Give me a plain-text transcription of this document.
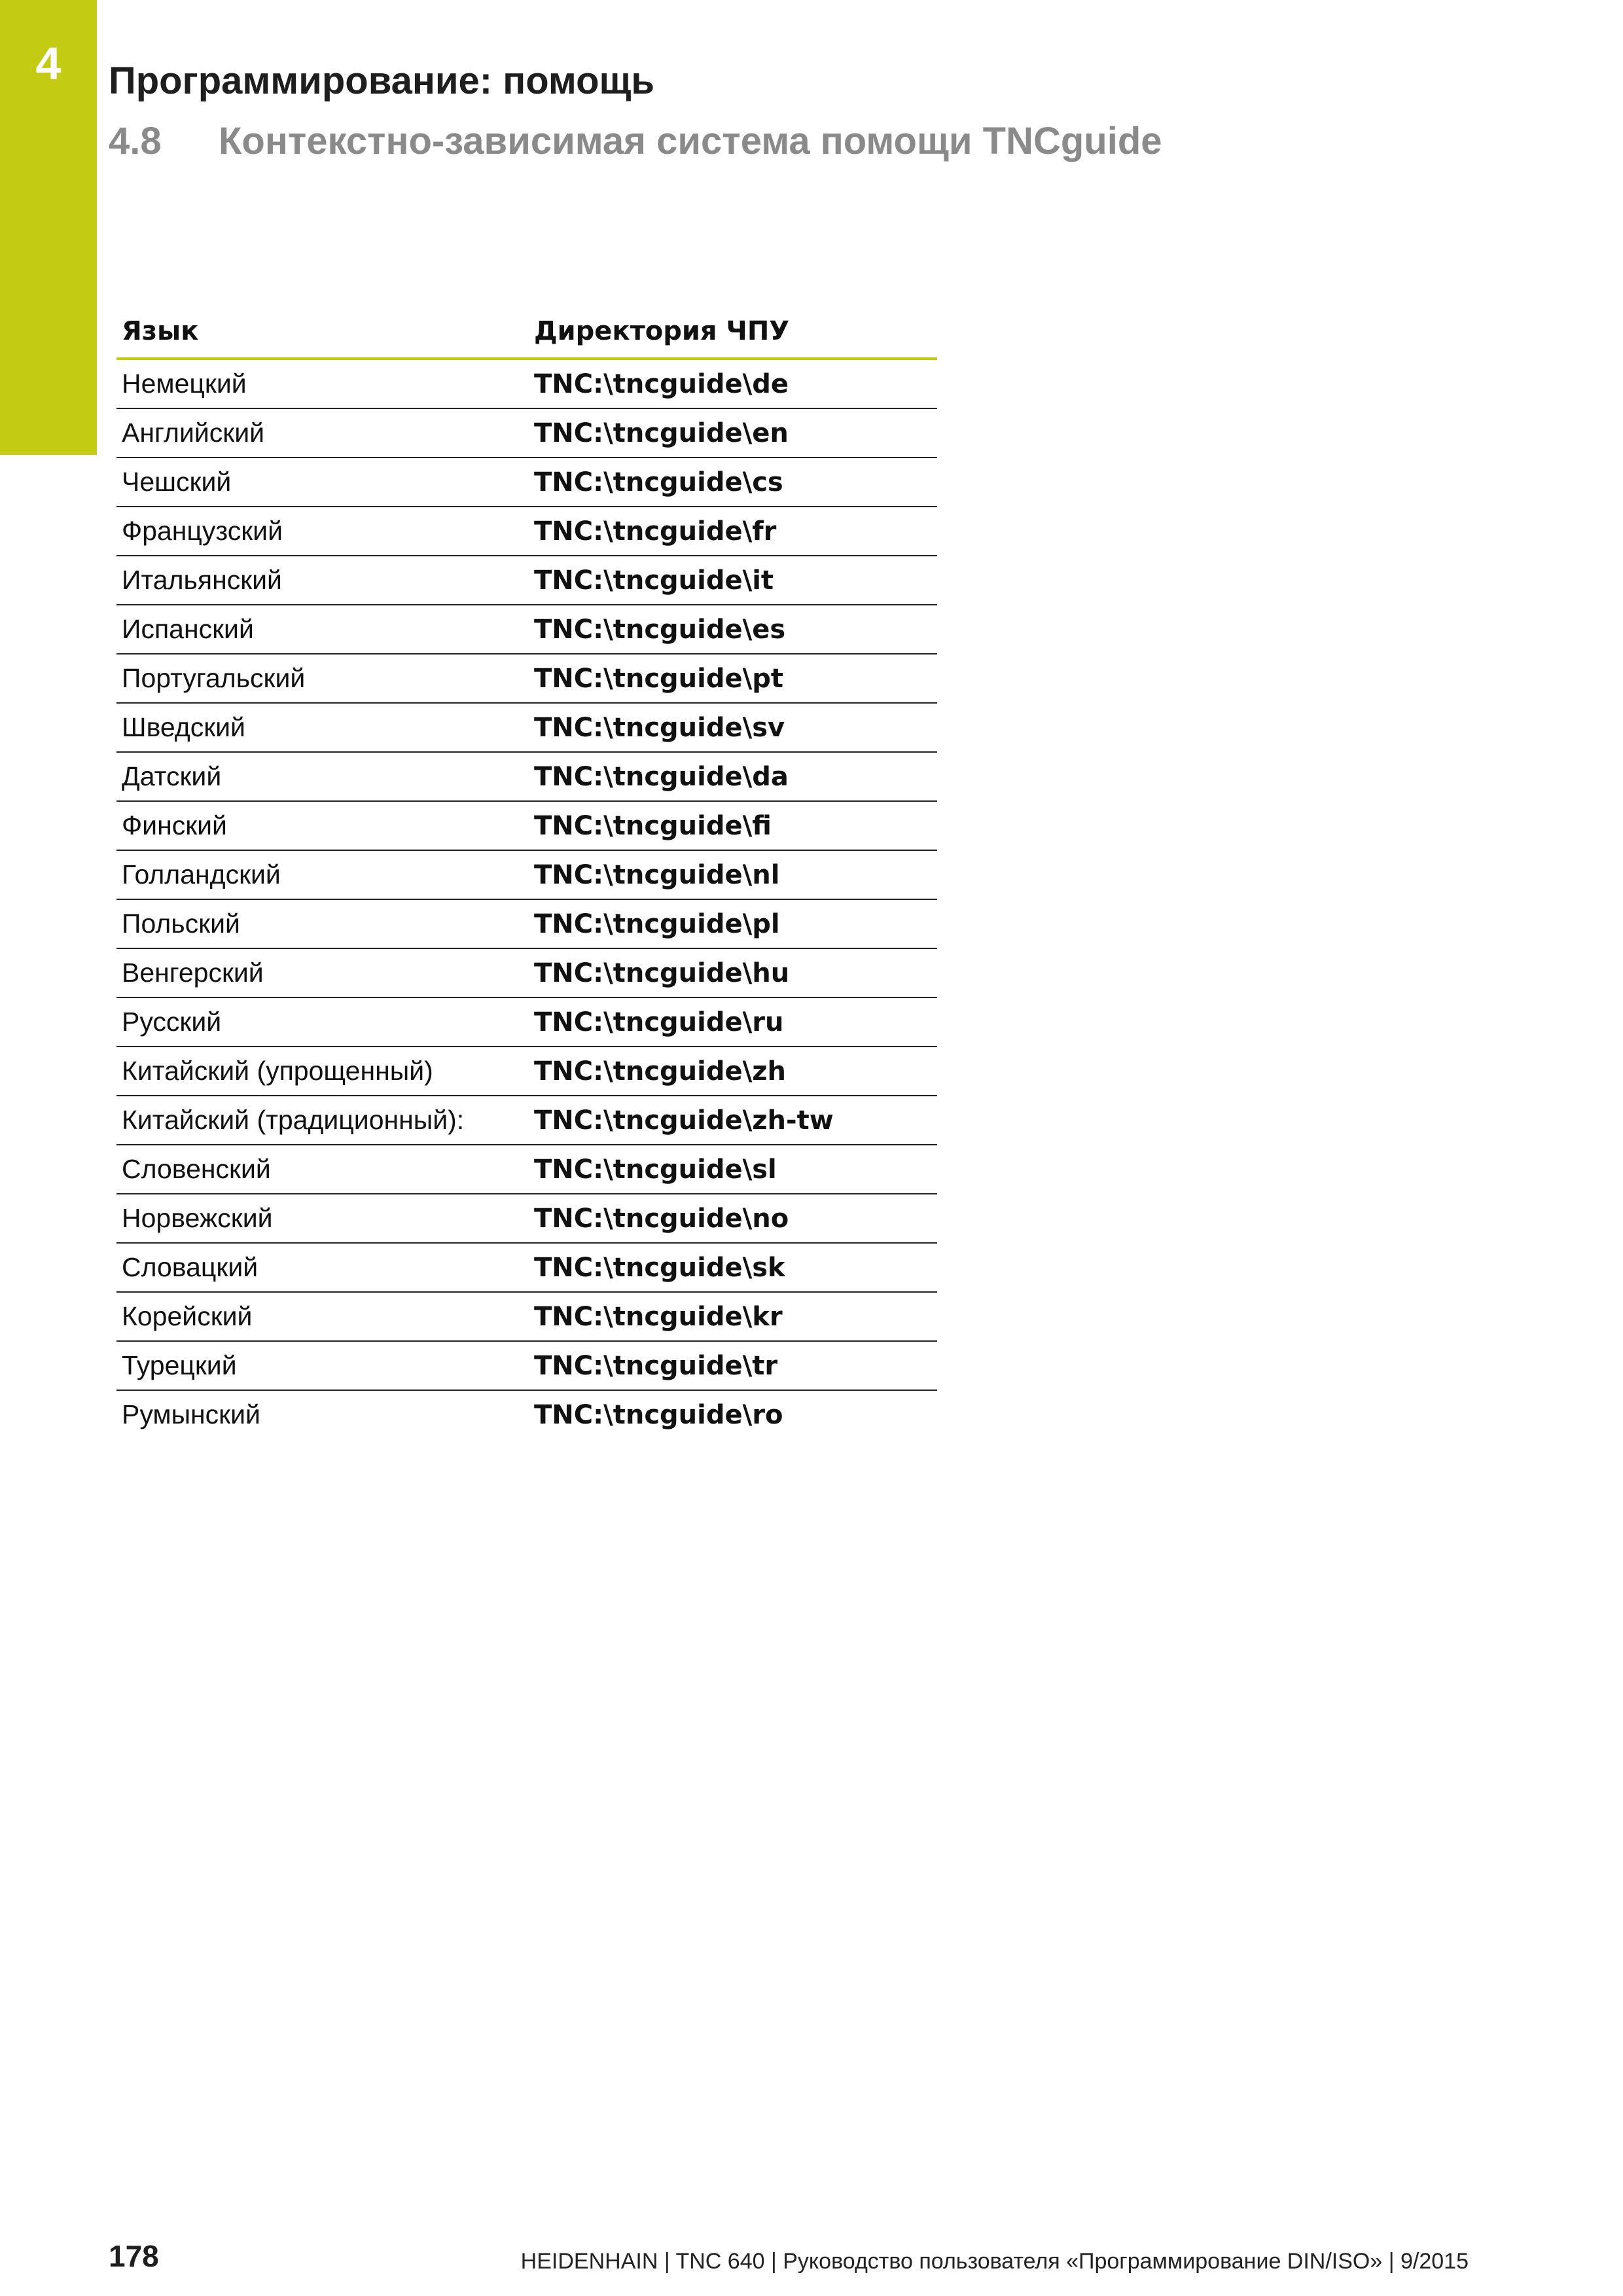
4	Программирование: помощь
4.8 Контекстно-зависимая система помощи TNCguide
Язык	Директория ЧПУ
Немецкий	TNC:\tncguide\de
Английский	TNC:\tncguide\en
Чешский	TNC:\tncguide\cs
Французский	TNC:\tncguide\fr
Итальянский	TNC:\tncguide\it
Испанский	TNC:\tncguide\es
Португальский	TNC:\tncguide\pt
Шведский	TNC:\tncguide\sv
Датский	TNC:\tncguide\da
Финский	TNC:\tncguide\fi
Голландский	TNC:\tncguide\nl
Польский	TNC:\tncguide\pl
Венгерский	TNC:\tncguide\hu
Русский	TNC:\tncguide\ru
Китайский (упрощенный)	TNC:\tncguide\zh
Китайский (традиционный):	TNC:\tncguide\zh-tw
Словенский	TNC:\tncguide\sl
Норвежский	TNC:\tncguide\no
Словацкий	TNC:\tncguide\sk
Корейский	TNC:\tncguide\kr
Турецкий	TNC:\tncguide\tr
Румынский	TNC:\tncguide\ro
178	HEIDENHAIN | TNC 640 | Руководство пользователя «Программирование DIN/ISO» | 9/2015
